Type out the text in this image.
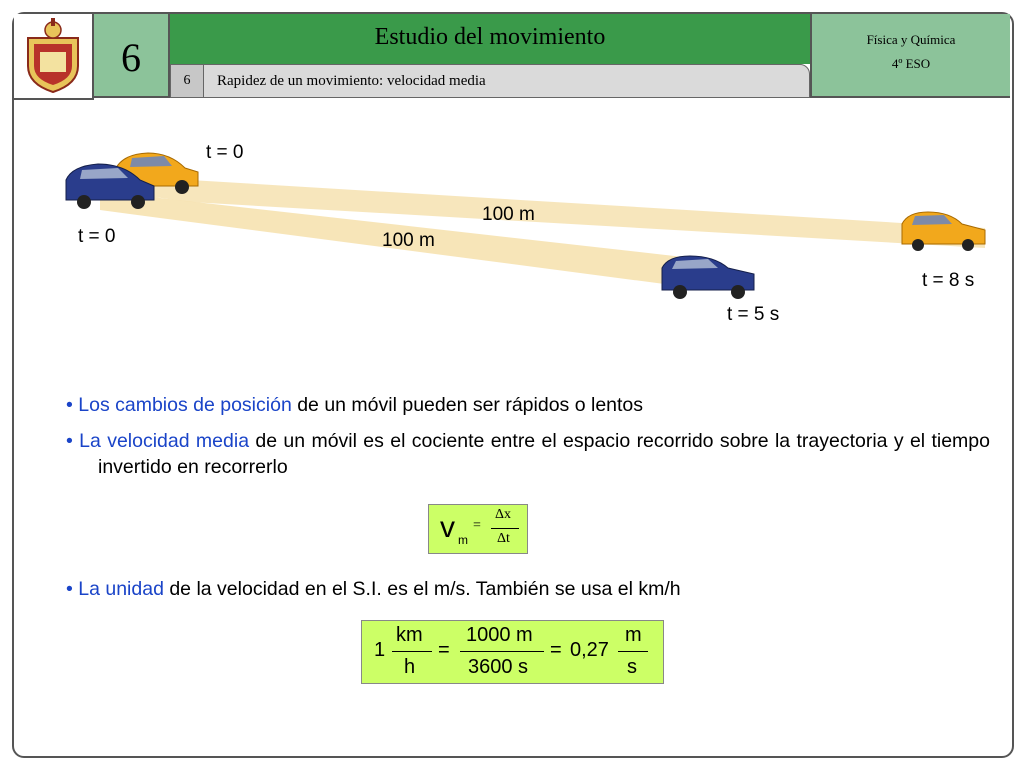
6	Estudio del movimiento
6	Rapidez de un movimiento: velocidad media
Física y Química
4º ESO
t = 0
t = 0
100 m
100 m
t = 8 s
t = 5 s
• Los cambios de posición de un móvil pueden ser rápidos o lentos
• La velocidad media de un móvil es el cociente entre el espacio recorrido sobre la trayectoria y el tiempo invertido en recorrerlo
v m
=
Δx
Δt
• La unidad de la velocidad en el S.I. es el m/s. También se usa el km/h
1
km
h
=
1000 m
3600 s
= 0,27
m
s
